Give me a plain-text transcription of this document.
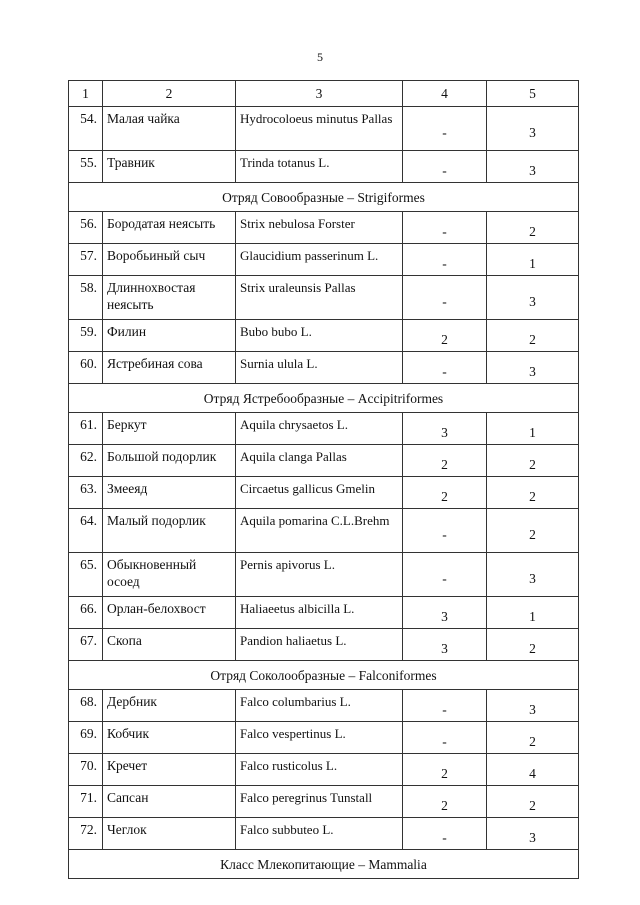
5
1	2	3	4	5
54.	Малая чайка	Hydrocoloeus minutus Pallas	-	3
55.	Травник	Trinda totanus L.	-	3
Отряд Совообразные – Strigiformes				
56.	Бородатая неясыть	Strix nebulosa Forster	-	2
57.	Воробьиный сыч	Glaucidium passerinum L.	-	1
58.	Длиннохвостая неясыть	Strix uraleunsis Pallas	-	3
59.	Филин	Bubo bubo L.	2	2
60.	Ястребиная сова	Surnia ulula L.	-	3
Отряд Ястребообразные – Accipitriformes				
61.	Беркут	Aquila chrysaetos L.	3	1
62.	Большой подорлик	Aquila clanga Pallas	2	2
63.	Змееяд	Circaetus gallicus Gmelin	2	2
64.	Малый подорлик	Aquila pomarina C.L.Brehm	-	2
65.	Обыкновенный осоед	Pernis apivorus L.	-	3
66.	Орлан-белохвост	Haliaeetus albicilla L.	3	1
67.	Скопа	Pandion haliaetus L.	3	2
Отряд Соколообразные – Falconiformes				
68.	Дербник	Falco columbarius L.	-	3
69.	Кобчик	Falco vespertinus L.	-	2
70.	Кречет	Falco rusticolus L.	2	4
71.	Сапсан	Falco peregrinus Tunstall	2	2
72.	Чеглок	Falco subbuteo L.	-	3
Класс Млекопитающие – Mammalia				
